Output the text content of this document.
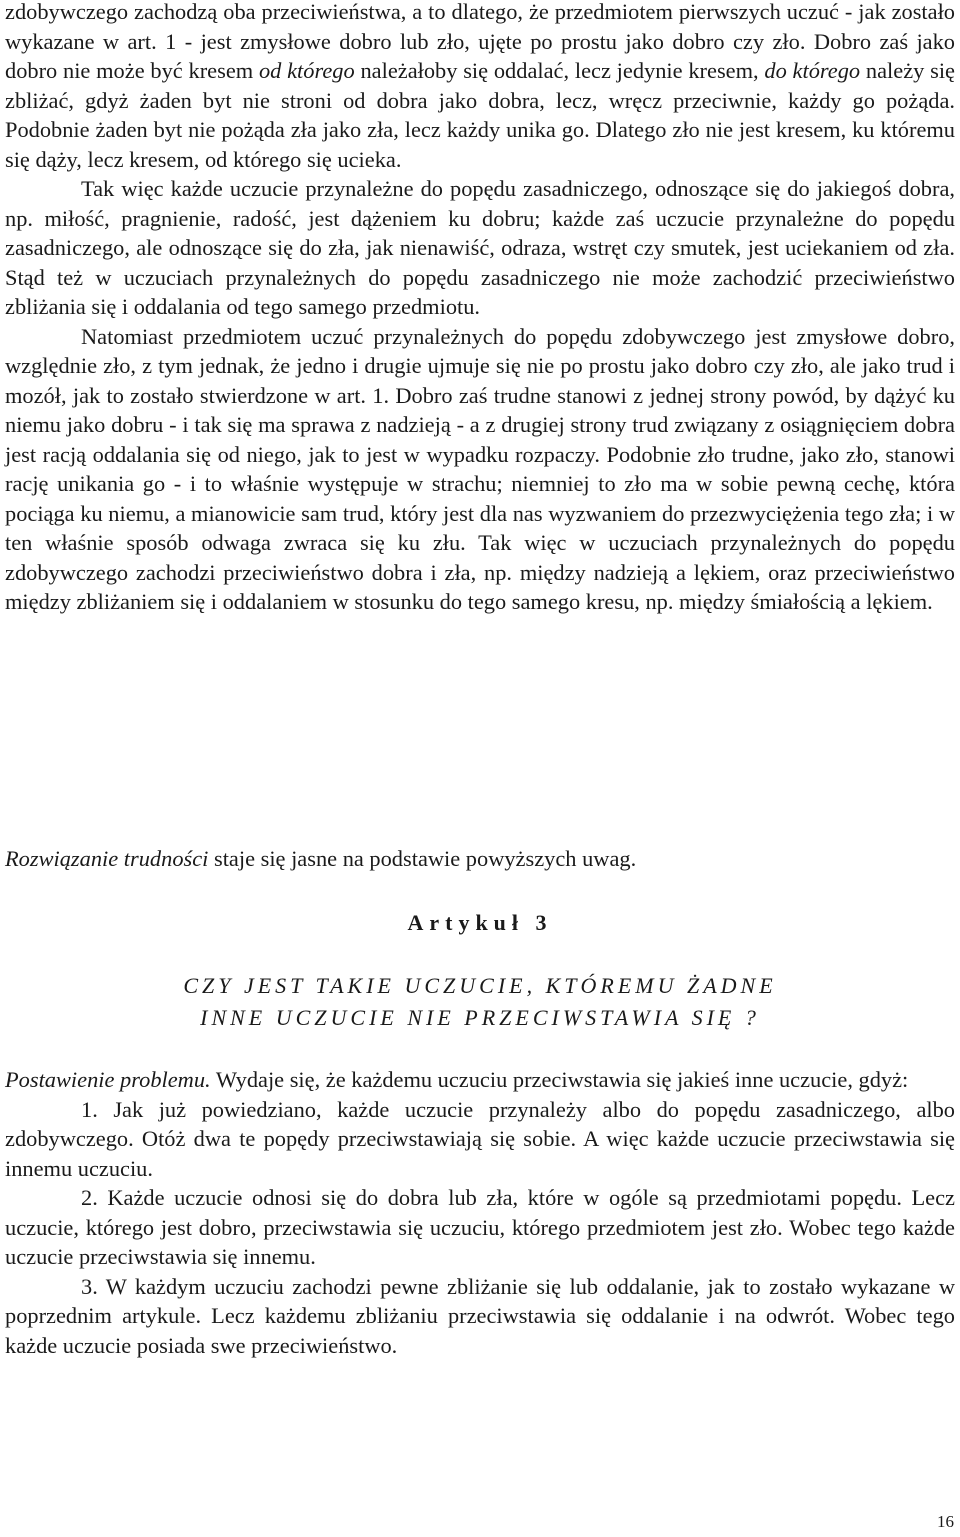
zdobywczego zachodzą oba przeciwieństwa, a to dlatego, że przedmiotem pierwszych uczuć - jak zostało wykazane w art. 1 - jest zmysłowe dobro lub zło, ujęte po prostu jako dobro czy zło. Dobro zaś jako dobro nie może być kresem od którego należałoby się oddalać, lecz jedynie kresem, do którego należy się zbliżać, gdyż żaden byt nie stroni od dobra jako dobra, lecz, wręcz przeciwnie, każdy go pożąda. Podobnie żaden byt nie pożąda zła jako zła, lecz każdy unika go. Dlatego zło nie jest kresem, ku któremu się dąży, lecz kresem, od którego się ucieka.

Tak więc każde uczucie przynależne do popędu zasadniczego, odnoszące się do jakiegoś dobra, np. miłość, pragnienie, radość, jest dążeniem ku dobru; każde zaś uczucie przynależne do popędu zasadniczego, ale odnoszące się do zła, jak nienawiść, odraza, wstręt czy smutek, jest uciekaniem od zła. Stąd też w uczuciach przynależnych do popędu zasadniczego nie może zachodzić przeciwieństwo zbliżania się i oddalania od tego samego przedmiotu.

Natomiast przedmiotem uczuć przynależnych do popędu zdobywczego jest zmysłowe dobro, względnie zło, z tym jednak, że jedno i drugie ujmuje się nie po prostu jako dobro czy zło, ale jako trud i mozół, jak to zostało stwierdzone w art. 1. Dobro zaś trudne stanowi z jednej strony powód, by dążyć ku niemu jako dobru - i tak się ma sprawa z nadzieją - a z drugiej strony trud związany z osiągnięciem dobra jest racją oddalania się od niego, jak to jest w wypadku rozpaczy. Podobnie zło trudne, jako zło, stanowi rację unikania go - i to właśnie występuje w strachu; niemniej to zło ma w sobie pewną cechę, która pociąga ku niemu, a mianowicie sam trud, który jest dla nas wyzwaniem do przezwyciężenia tego zła; i w ten właśnie sposób odwaga zwraca się ku złu. Tak więc w uczuciach przynależnych do popędu zdobywczego zachodzi przeciwieństwo dobra i zła, np. między nadzieją a lękiem, oraz przeciwieństwo między zbliżaniem się i oddalaniem w stosunku do tego samego kresu, np. między śmiałością a lękiem.

Rozwiązanie trudności staje się jasne na podstawie powyższych uwag.

Artykuł 3
CZY JEST TAKIE UCZUCIE, KTÓREMU ŻADNE
INNE UCZUCIE NIE PRZECIWSTAWIA SIĘ ?

Postawienie problemu. Wydaje się, że każdemu uczuciu przeciwstawia się jakieś inne uczucie, gdyż:

1. Jak już powiedziano, każde uczucie przynależy albo do popędu zasadniczego, albo zdobywczego. Otóż dwa te popędy przeciwstawiają się sobie. A więc każde uczucie przeciwstawia się innemu uczuciu.

2. Każde uczucie odnosi się do dobra lub zła, które w ogóle są przedmiotami popędu. Lecz uczucie, którego jest dobro, przeciwstawia się uczuciu, którego przedmiotem jest zło. Wobec tego każde uczucie przeciwstawia się innemu.

3. W każdym uczuciu zachodzi pewne zbliżanie się lub oddalanie, jak to zostało wykazane w poprzednim artykule. Lecz każdemu zbliżaniu przeciwstawia się oddalanie i na odwrót. Wobec tego każde uczucie posiada swe przeciwieństwo.

16
